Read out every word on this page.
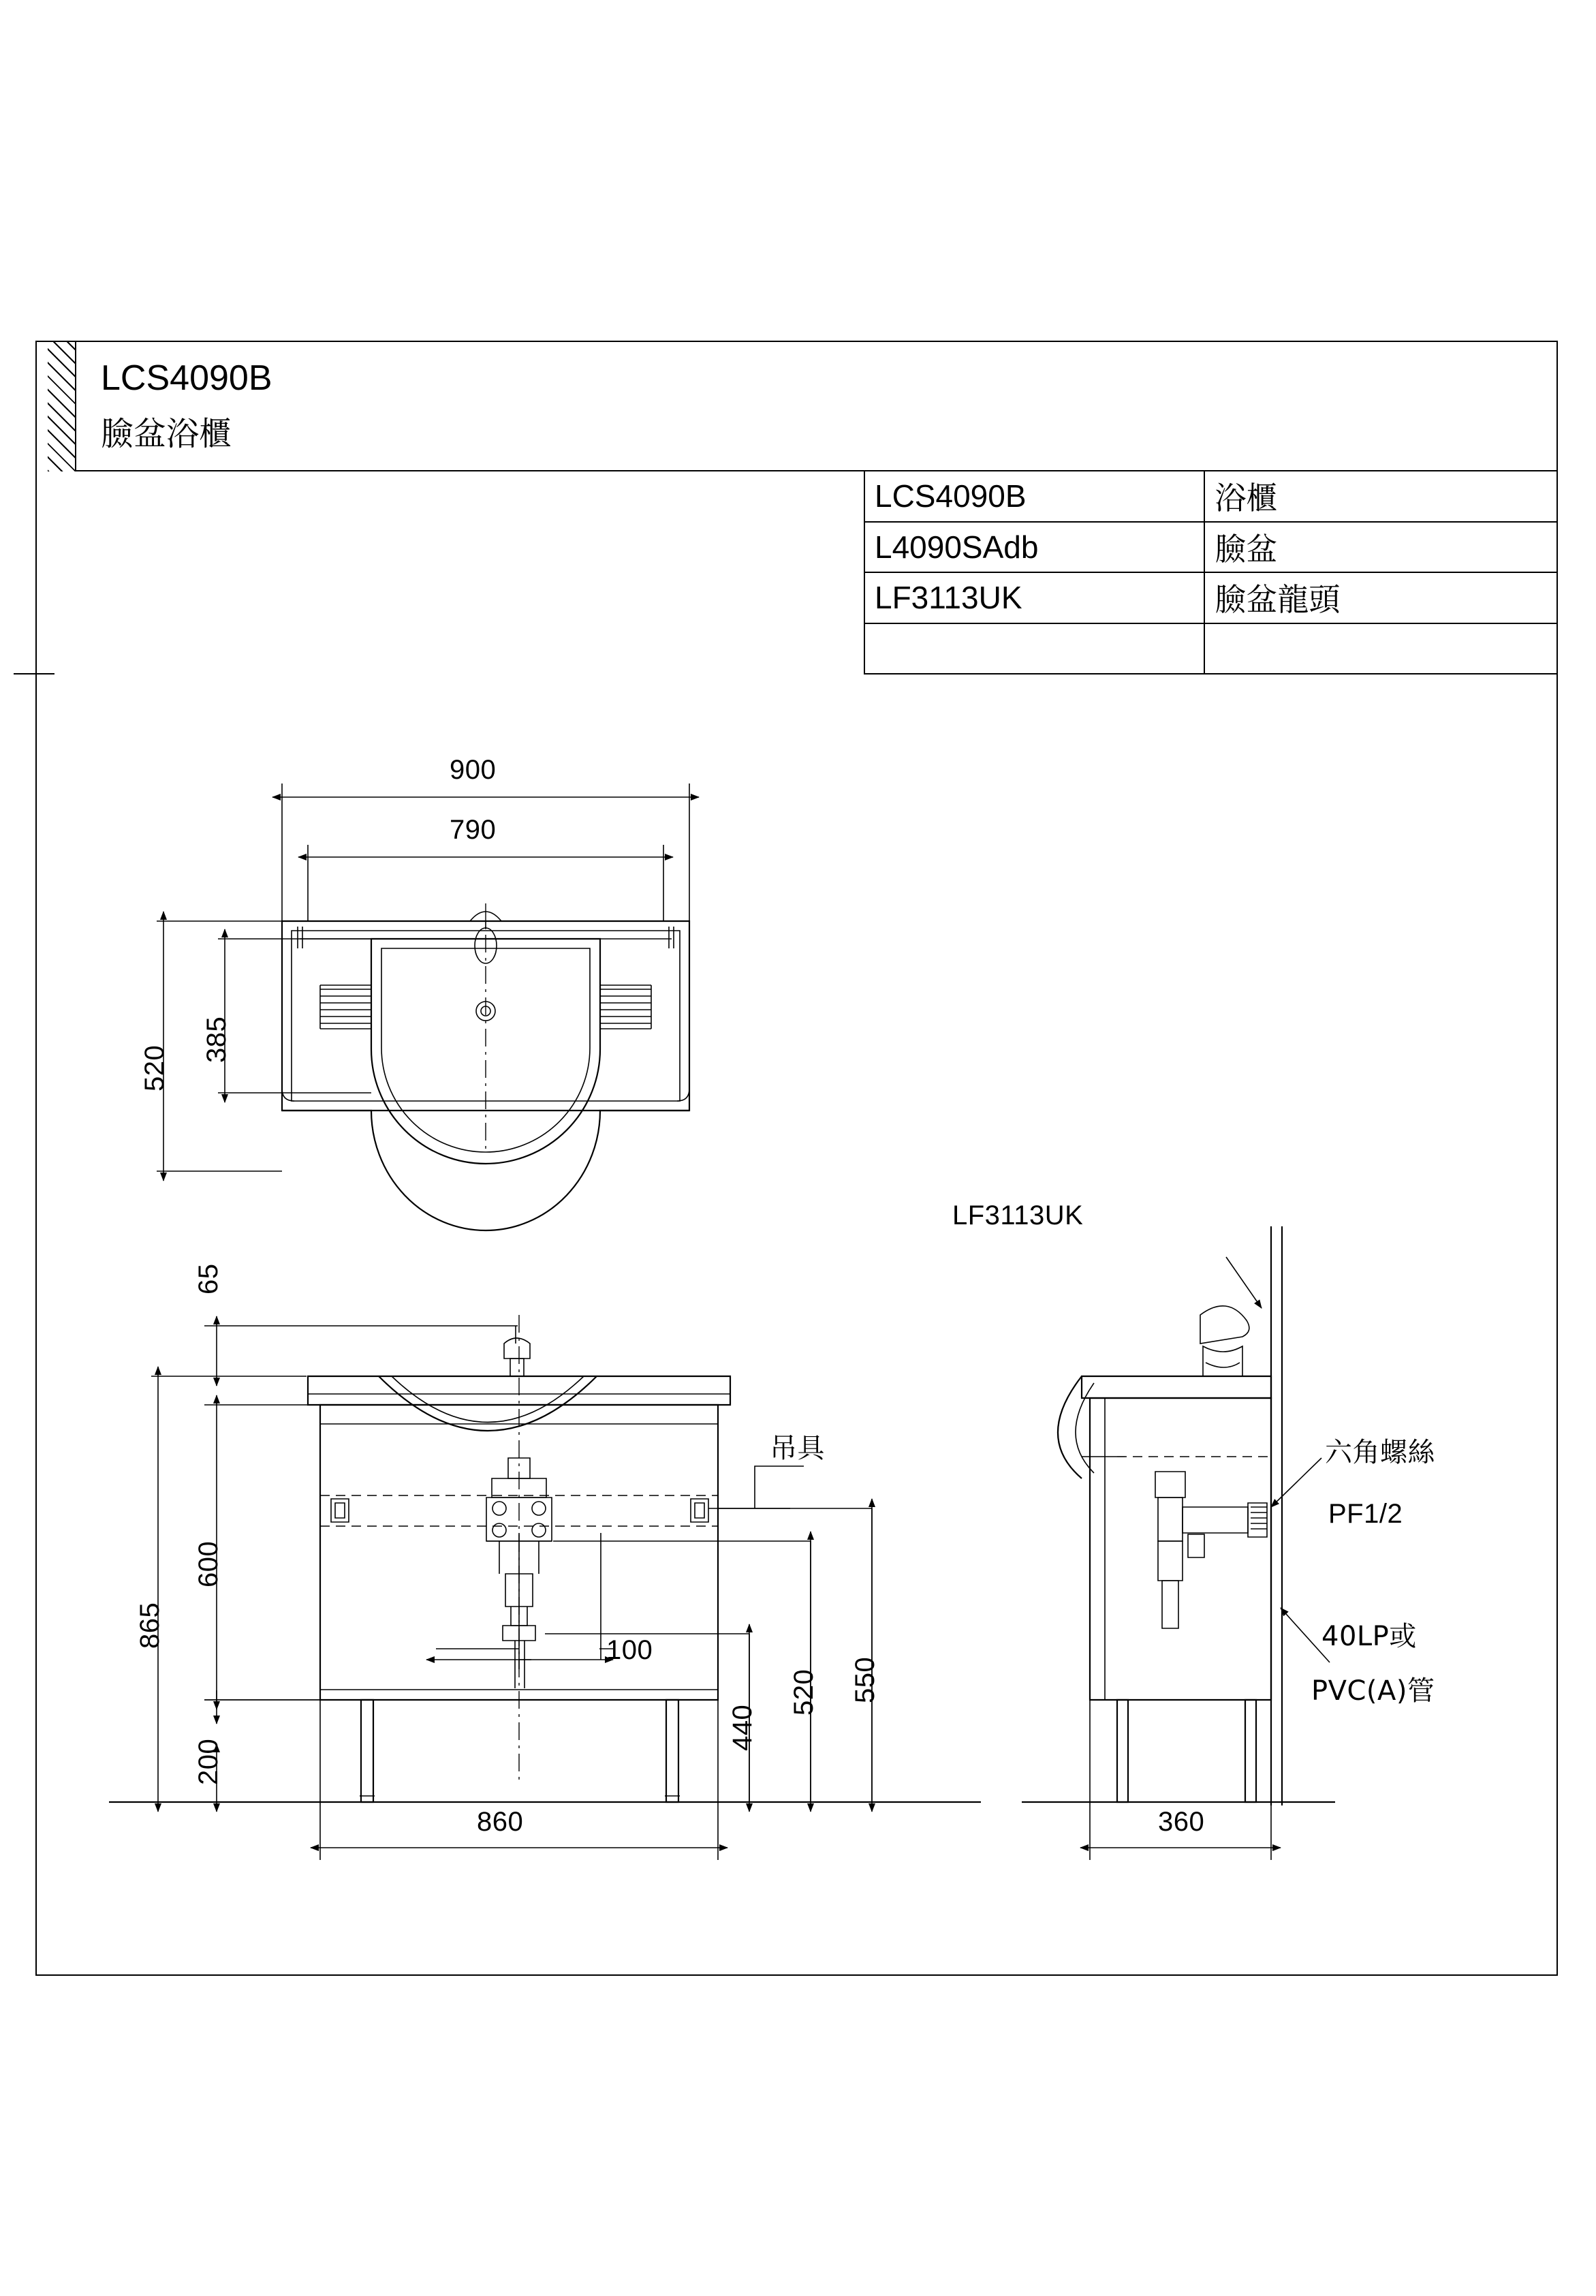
LCS4090B
臉盆浴櫃
LCS4090B	浴櫃
L4090SAdb	臉盆
LF3113UK	臉盆龍頭

900
790
520
385
65
600
865
200
100
440
520 550
860
吊具
LF3113UK
六角螺絲
PF1/2
40LP或
PVC(A)管
360
